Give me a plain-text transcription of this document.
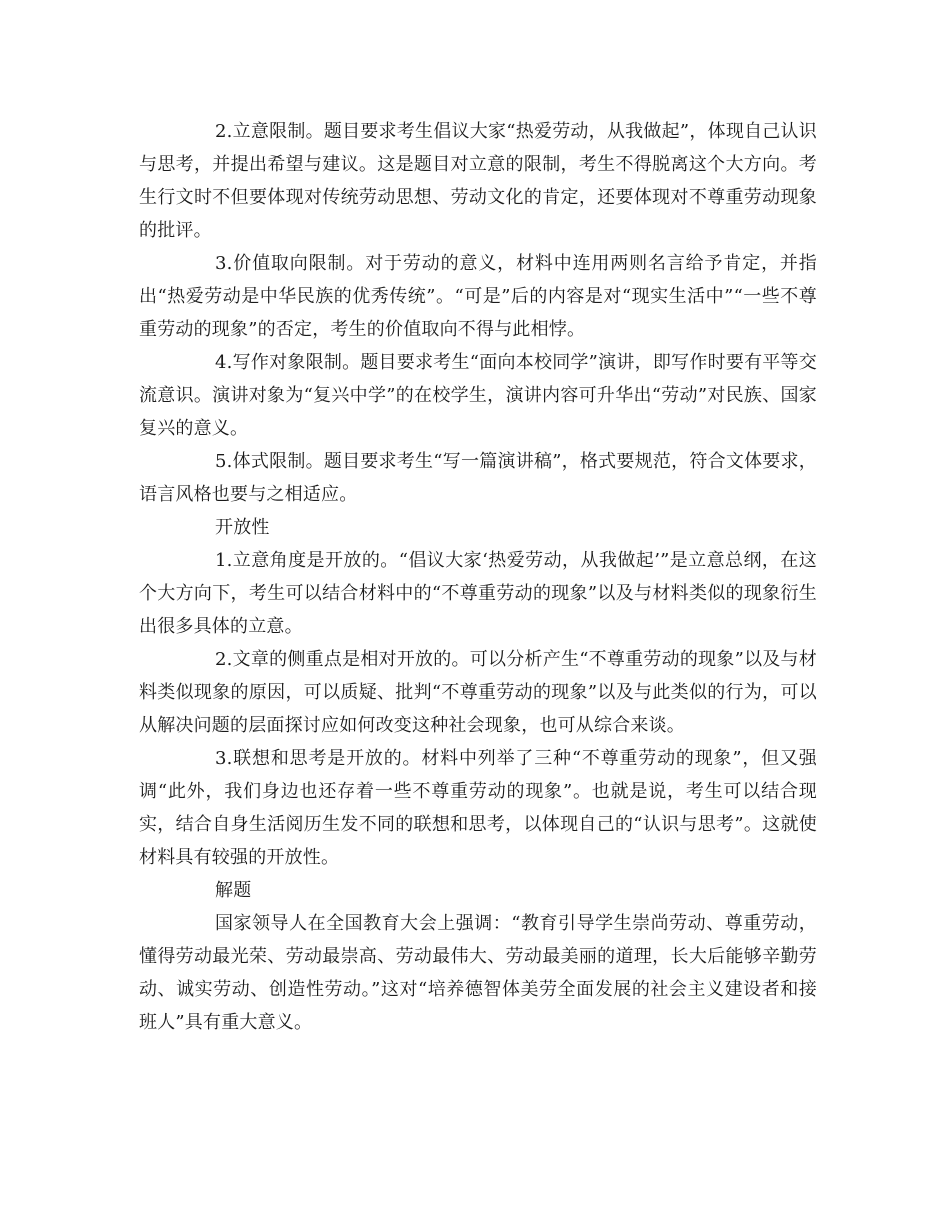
2.立意限制。题目要求考生倡议大家“热爱劳动，从我做起”，体现自己认识与思考，并提出希望与建议。这是题目对立意的限制，考生不得脱离这个大方向。考生行文时不但要体现对传统劳动思想、劳动文化的肯定，还要体现对不尊重劳动现象的批评。

3.价值取向限制。对于劳动的意义，材料中连用两则名言给予肯定，并指出“热爱劳动是中华民族的优秀传统”。“可是”后的内容是对“现实生活中”“一些不尊重劳动的现象”的否定，考生的价值取向不得与此相悖。

4.写作对象限制。题目要求考生“面向本校同学”演讲，即写作时要有平等交流意识。演讲对象为“复兴中学”的在校学生，演讲内容可升华出“劳动”对民族、国家复兴的意义。

5.体式限制。题目要求考生“写一篇演讲稿”，格式要规范，符合文体要求，语言风格也要与之相适应。

开放性

1.立意角度是开放的。“倡议大家‘热爱劳动，从我做起’”是立意总纲，在这个大方向下，考生可以结合材料中的“不尊重劳动的现象”以及与材料类似的现象衍生出很多具体的立意。

2.文章的侧重点是相对开放的。可以分析产生“不尊重劳动的现象”以及与材料类似现象的原因，可以质疑、批判“不尊重劳动的现象”以及与此类似的行为，可以从解决问题的层面探讨应如何改变这种社会现象，也可从综合来谈。

3.联想和思考是开放的。材料中列举了三种“不尊重劳动的现象”，但又强调“此外，我们身边也还存着一些不尊重劳动的现象”。也就是说，考生可以结合现实，结合自身生活阅历生发不同的联想和思考，以体现自己的“认识与思考”。这就使材料具有较强的开放性。

解题

国家领导人在全国教育大会上强调：“教育引导学生崇尚劳动、尊重劳动，懂得劳动最光荣、劳动最崇高、劳动最伟大、劳动最美丽的道理，长大后能够辛勤劳动、诚实劳动、创造性劳动。”这对“培养德智体美劳全面发展的社会主义建设者和接班人”具有重大意义。
